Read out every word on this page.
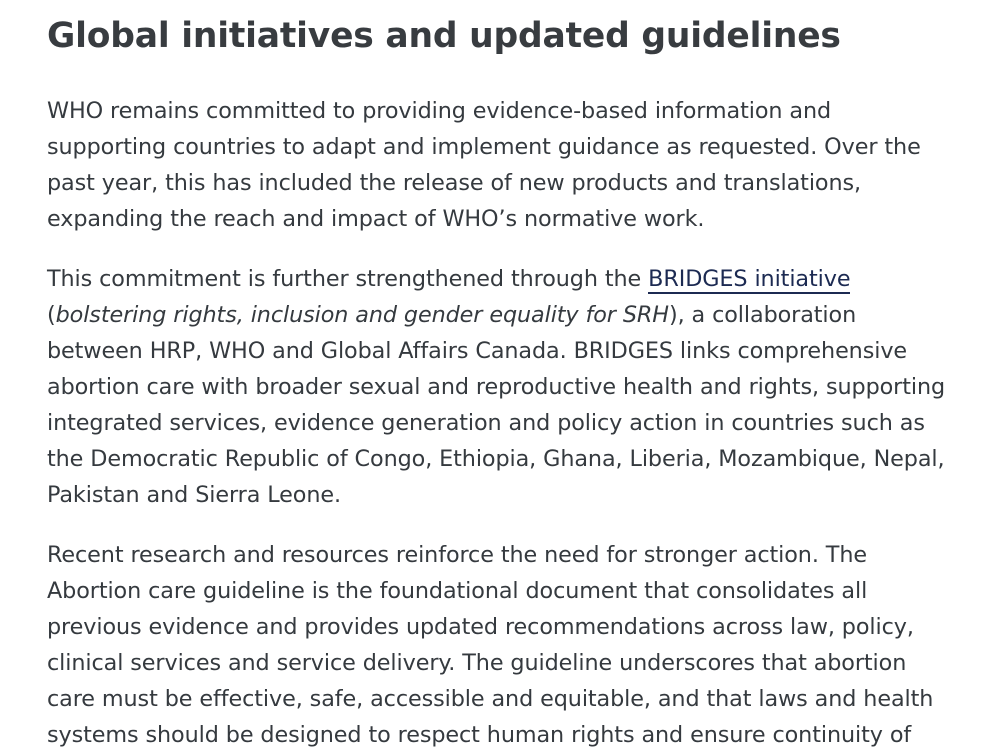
Global initiatives and updated guidelines

WHO remains committed to providing evidence-based information and supporting countries to adapt and implement guidance as requested. Over the past year, this has included the release of new products and translations, expanding the reach and impact of WHO’s normative work.

This commitment is further strengthened through the BRIDGES initiative (bolstering rights, inclusion and gender equality for SRH), a collaboration between HRP, WHO and Global Affairs Canada. BRIDGES links comprehensive abortion care with broader sexual and reproductive health and rights, supporting integrated services, evidence generation and policy action in countries such as the Democratic Republic of Congo, Ethiopia, Ghana, Liberia, Mozambique, Nepal, Pakistan and Sierra Leone.

Recent research and resources reinforce the need for stronger action. The Abortion care guideline is the foundational document that consolidates all previous evidence and provides updated recommendations across law, policy, clinical services and service delivery. The guideline underscores that abortion care must be effective, safe, accessible and equitable, and that laws and health systems should be designed to respect human rights and ensure continuity of
